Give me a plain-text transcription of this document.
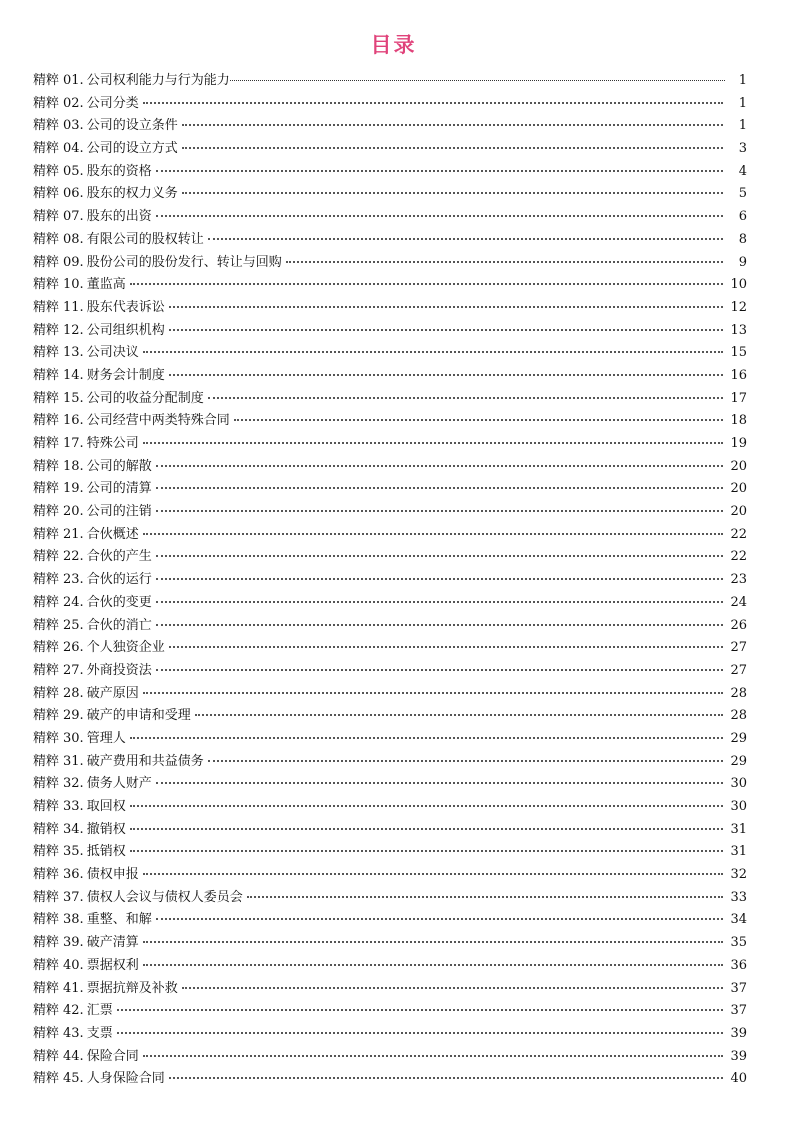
目录
精粹 01. 公司权利能力与行为能力	1
精粹 02. 公司分类	1
精粹 03. 公司的设立条件	1
精粹 04. 公司的设立方式	3
精粹 05. 股东的资格	4
精粹 06. 股东的权力义务	5
精粹 07. 股东的出资	6
精粹 08. 有限公司的股权转让	8
精粹 09. 股份公司的股份发行、转让与回购	9
精粹 10. 董监高	10
精粹 11. 股东代表诉讼	12
精粹 12. 公司组织机构	13
精粹 13. 公司决议	15
精粹 14. 财务会计制度	16
精粹 15. 公司的收益分配制度	17
精粹 16. 公司经营中两类特殊合同	18
精粹 17. 特殊公司	19
精粹 18. 公司的解散	20
精粹 19. 公司的清算	20
精粹 20. 公司的注销	20
精粹 21. 合伙概述	22
精粹 22. 合伙的产生	22
精粹 23. 合伙的运行	23
精粹 24. 合伙的变更	24
精粹 25. 合伙的消亡	26
精粹 26. 个人独资企业	27
精粹 27. 外商投资法	27
精粹 28. 破产原因	28
精粹 29. 破产的申请和受理	28
精粹 30. 管理人	29
精粹 31. 破产费用和共益债务	29
精粹 32. 债务人财产	30
精粹 33. 取回权	30
精粹 34. 撤销权	31
精粹 35. 抵销权	31
精粹 36. 债权申报	32
精粹 37. 债权人会议与债权人委员会	33
精粹 38. 重整、和解	34
精粹 39. 破产清算	35
精粹 40. 票据权利	36
精粹 41. 票据抗辩及补救	37
精粹 42. 汇票	37
精粹 43. 支票	39
精粹 44. 保险合同	39
精粹 45. 人身保险合同	40
